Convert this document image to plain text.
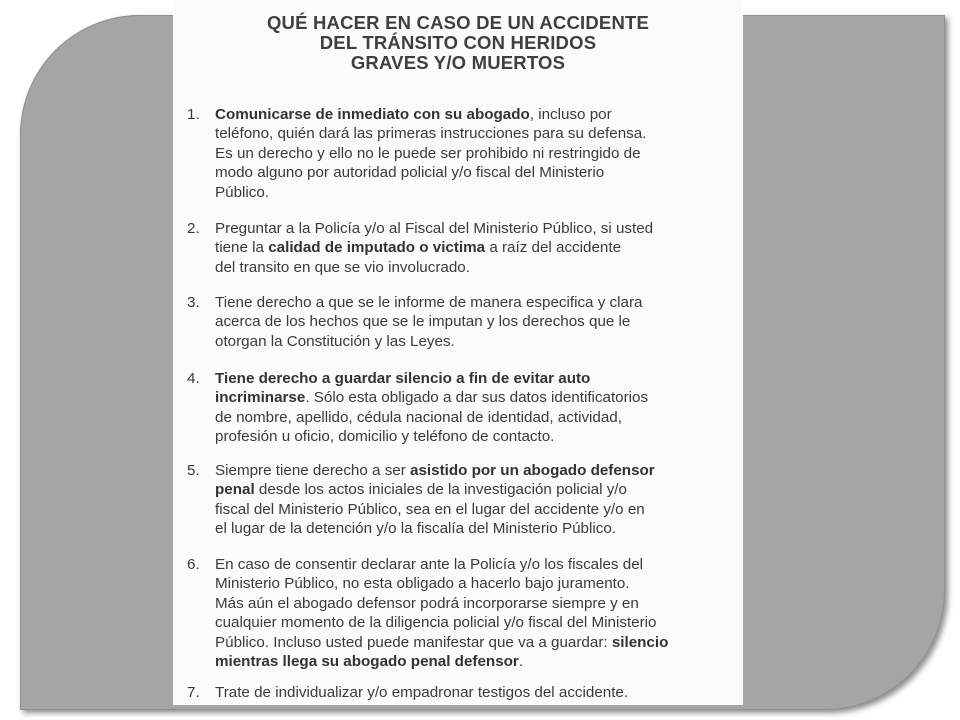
QUÉ HACER EN CASO DE UN ACCIDENTE
DEL TRÁNSITO CON HERIDOS
GRAVES Y/O MUERTOS
1. Comunicarse de inmediato con su abogado, incluso por
teléfono, quién dará las primeras instrucciones para su defensa.
Es un derecho y ello no le puede ser prohibido ni restringido de
modo alguno por autoridad policial y/o fiscal del Ministerio
Público.
2. Preguntar a la Policía y/o al Fiscal del Ministerio Público, si usted
tiene la calidad de imputado o victima a raíz del accidente
del transito en que se vio involucrado.
3. Tiene derecho a que se le informe de manera especifica y clara
acerca de los hechos que se le imputan y los derechos que le
otorgan la Constitución y las Leyes.
4. Tiene derecho a guardar silencio a fin de evitar auto
incriminarse. Sólo esta obligado a dar sus datos identificatorios
de nombre, apellido, cédula nacional de identidad, actividad,
profesión u oficio, domicilio y teléfono de contacto.
5. Siempre tiene derecho a ser asistido por un abogado defensor
penal desde los actos iniciales de la investigación policial y/o
fiscal del Ministerio Público, sea en el lugar del accidente y/o en
el lugar de la detención y/o la fiscalía del Ministerio Público.
6. En caso de consentir declarar ante la Policía y/o los fiscales del
Ministerio Público, no esta obligado a hacerlo bajo juramento.
Más aún el abogado defensor podrá incorporarse siempre y en
cualquier momento de la diligencia policial y/o fiscal del Ministerio
Público. Incluso usted puede manifestar que va a guardar: silencio
mientras llega su abogado penal defensor.
7. Trate de individualizar y/o empadronar testigos del accidente.
